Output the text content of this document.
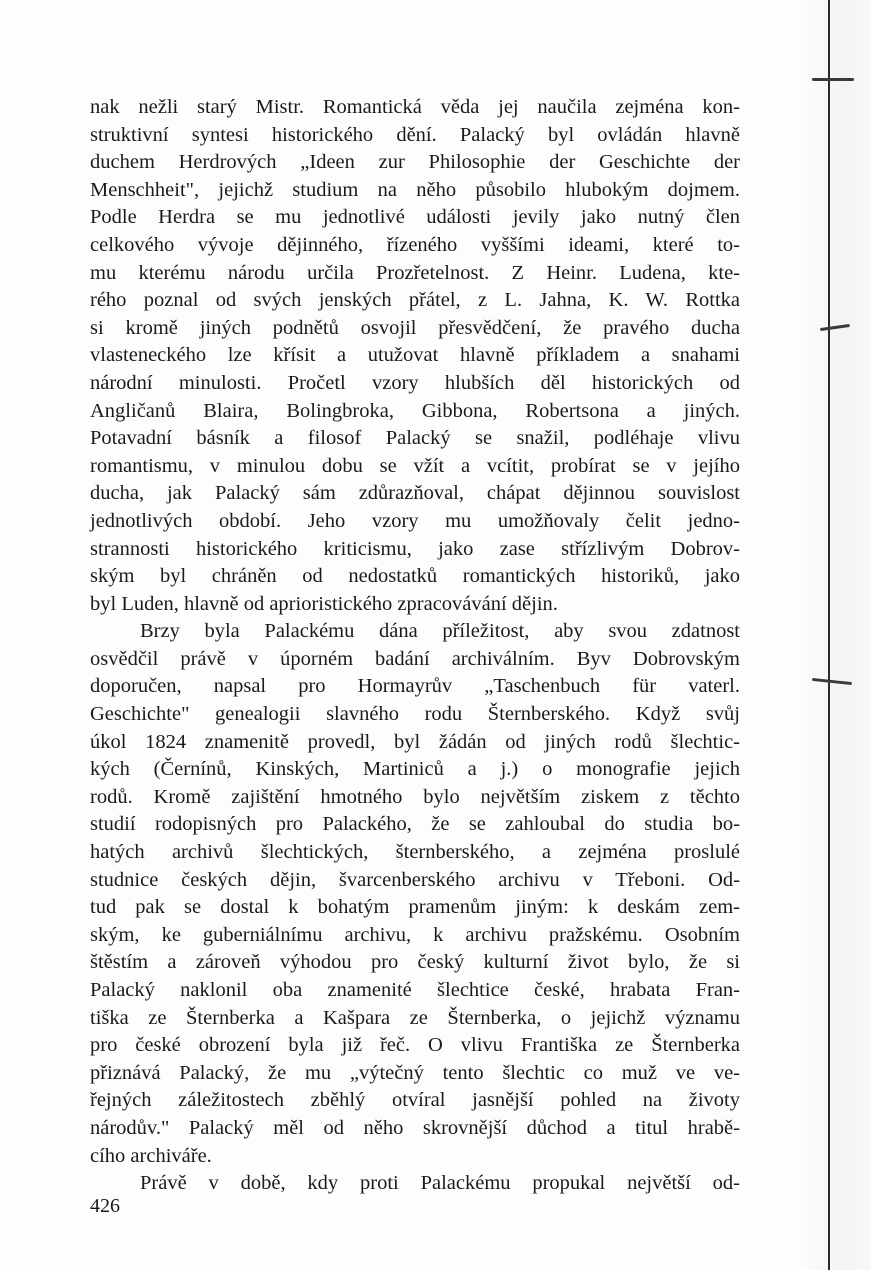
nak nežli starý Mistr. Romantická věda jej naučila zejména kon-
struktivní syntesi historického dění. Palacký byl ovládán hlavně
duchem Herdrových „Ideen zur Philosophie der Geschichte der
Menschheit", jejichž studium na něho působilo hlubokým dojmem.
Podle Herdra se mu jednotlivé události jevily jako nutný člen
celkového vývoje dějinného, řízeného vyššími ideami, které to-
mu kterému národu určila Prozřetelnost. Z Heinr. Ludena, kte-
rého poznal od svých jenských přátel, z L. Jahna, K. W. Rottka
si kromě jiných podnětů osvojil přesvědčení, že pravého ducha
vlasteneckého lze křísit a utužovat hlavně příkladem a snahami
národní minulosti. Pročetl vzory hlubších děl historických od
Angličanů Blaira, Bolingbroka, Gibbona, Robertsona a jiných.
Potavadní básník a filosof Palacký se snažil, podléhaje vlivu
romantismu, v minulou dobu se vžít a vcítit, probírat se v jejího
ducha, jak Palacký sám zdůrazňoval, chápat dějinnou souvislost
jednotlivých období. Jeho vzory mu umožňovaly čelit jedno-
strannosti historického kriticismu, jako zase střízlivým Dobrov-
ským byl chráněn od nedostatků romantických historiků, jako
byl Luden, hlavně od aprioristického zpracovávání dějin.
Brzy byla Palackému dána příležitost, aby svou zdatnost
osvědčil právě v úporném badání archiválním. Byv Dobrovským
doporučen, napsal pro Hormayrův „Taschenbuch für vaterl.
Geschichte" genealogii slavného rodu Šternberského. Když svůj
úkol 1824 znamenitě provedl, byl žádán od jiných rodů šlechtic-
kých (Černínů, Kinských, Martiniců a j.) o monografie jejich
rodů. Kromě zajištění hmotného bylo největším ziskem z těchto
studií rodopisných pro Palackého, že se zahloubal do studia bo-
hatých archivů šlechtických, šternberského, a zejména proslulé
studnice českých dějin, švarcenberského archivu v Třeboni. Od-
tud pak se dostal k bohatým pramenům jiným: k deskám zem-
ským, ke guberniálnímu archivu, k archivu pražskému. Osobním
štěstím a zároveň výhodou pro český kulturní život bylo, že si
Palacký naklonil oba znamenité šlechtice české, hrabata Fran-
tiška ze Šternberka a Kašpara ze Šternberka, o jejichž významu
pro české obrození byla již řeč. O vlivu Františka ze Šternberka
přiznává Palacký, že mu „výtečný tento šlechtic co muž ve ve-
řejných záležitostech zběhlý otvíral jasnější pohled na životy
národův." Palacký měl od něho skrovnější důchod a titul hrabě-
cího archiváře.
Právě v době, kdy proti Palackému propukal největší od-
426
